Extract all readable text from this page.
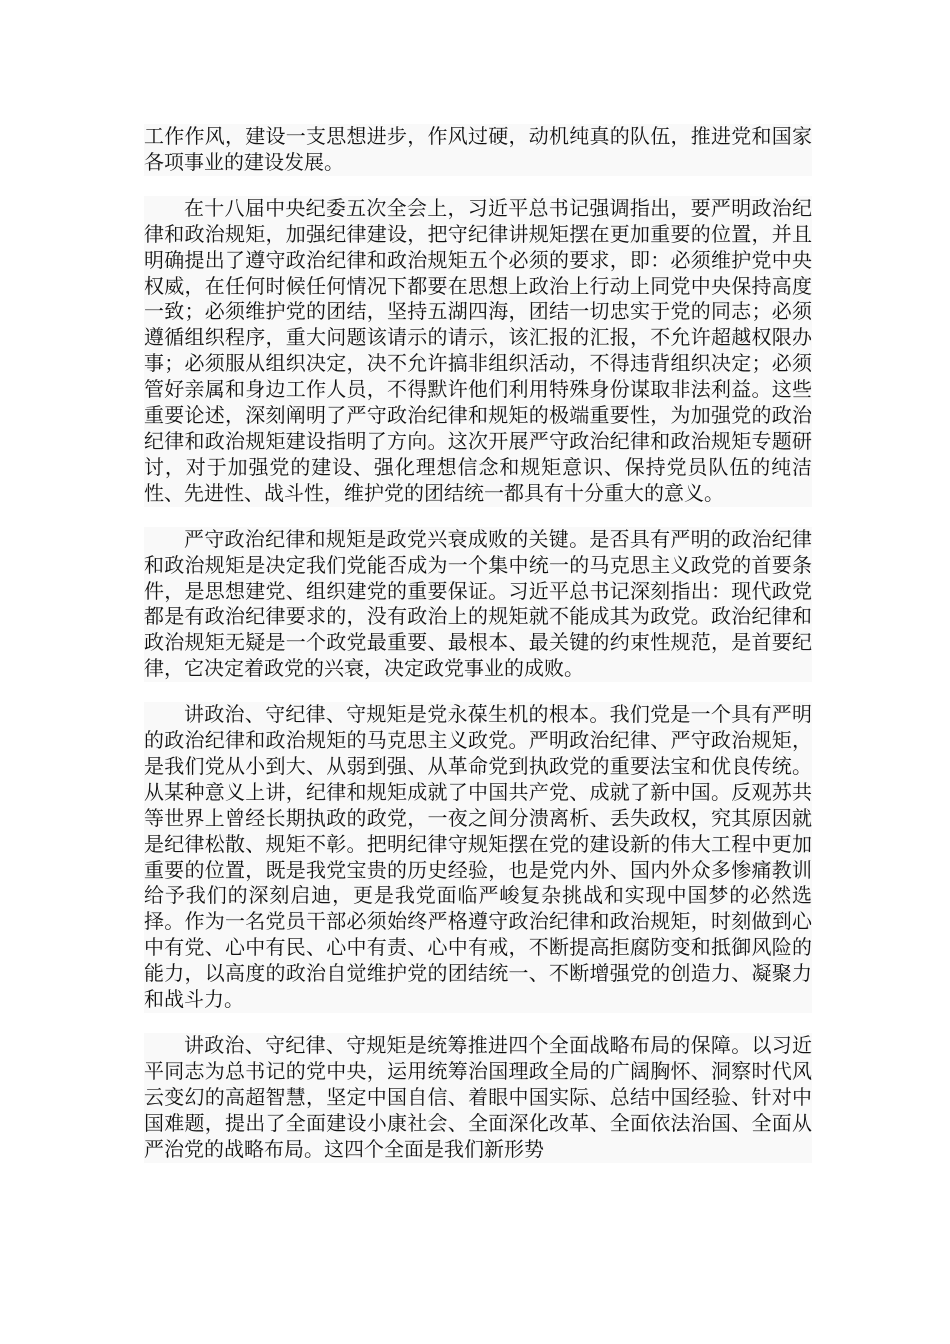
工作作风，建设一支思想进步，作风过硬，动机纯真的队伍，推进党和国家各项事业的建设发展。

在十八届中央纪委五次全会上，习近平总书记强调指出，要严明政治纪律和政治规矩，加强纪律建设，把守纪律讲规矩摆在更加重要的位置，并且明确提出了遵守政治纪律和政治规矩五个必须的要求，即：必须维护党中央权威，在任何时候任何情况下都要在思想上政治上行动上同党中央保持高度一致；必须维护党的团结，坚持五湖四海，团结一切忠实于党的同志；必须遵循组织程序，重大问题该请示的请示，该汇报的汇报，不允许超越权限办事；必须服从组织决定，决不允许搞非组织活动，不得违背组织决定；必须管好亲属和身边工作人员，不得默许他们利用特殊身份谋取非法利益。这些重要论述，深刻阐明了严守政治纪律和规矩的极端重要性，为加强党的政治纪律和政治规矩建设指明了方向。这次开展严守政治纪律和政治规矩专题研讨，对于加强党的建设、强化理想信念和规矩意识、保持党员队伍的纯洁性、先进性、战斗性，维护党的团结统一都具有十分重大的意义。

严守政治纪律和规矩是政党兴衰成败的关键。是否具有严明的政治纪律和政治规矩是决定我们党能否成为一个集中统一的马克思主义政党的首要条件，是思想建党、组织建党的重要保证。习近平总书记深刻指出：现代政党都是有政治纪律要求的，没有政治上的规矩就不能成其为政党。政治纪律和政治规矩无疑是一个政党最重要、最根本、最关键的约束性规范，是首要纪律，它决定着政党的兴衰，决定政党事业的成败。

讲政治、守纪律、守规矩是党永葆生机的根本。我们党是一个具有严明的政治纪律和政治规矩的马克思主义政党。严明政治纪律、严守政治规矩，是我们党从小到大、从弱到强、从革命党到执政党的重要法宝和优良传统。从某种意义上讲，纪律和规矩成就了中国共产党、成就了新中国。反观苏共等世界上曾经长期执政的政党，一夜之间分溃离析、丢失政权，究其原因就是纪律松散、规矩不彰。把明纪律守规矩摆在党的建设新的伟大工程中更加重要的位置，既是我党宝贵的历史经验，也是党内外、国内外众多惨痛教训给予我们的深刻启迪，更是我党面临严峻复杂挑战和实现中国梦的必然选择。作为一名党员干部必须始终严格遵守政治纪律和政治规矩，时刻做到心中有党、心中有民、心中有责、心中有戒，不断提高拒腐防变和抵御风险的能力，以高度的政治自觉维护党的团结统一、不断增强党的创造力、凝聚力和战斗力。

讲政治、守纪律、守规矩是统筹推进四个全面战略布局的保障。以习近平同志为总书记的党中央，运用统筹治国理政全局的广阔胸怀、洞察时代风云变幻的高超智慧，坚定中国自信、着眼中国实际、总结中国经验、针对中国难题，提出了全面建设小康社会、全面深化改革、全面依法治国、全面从严治党的战略布局。这四个全面是我们新形势
